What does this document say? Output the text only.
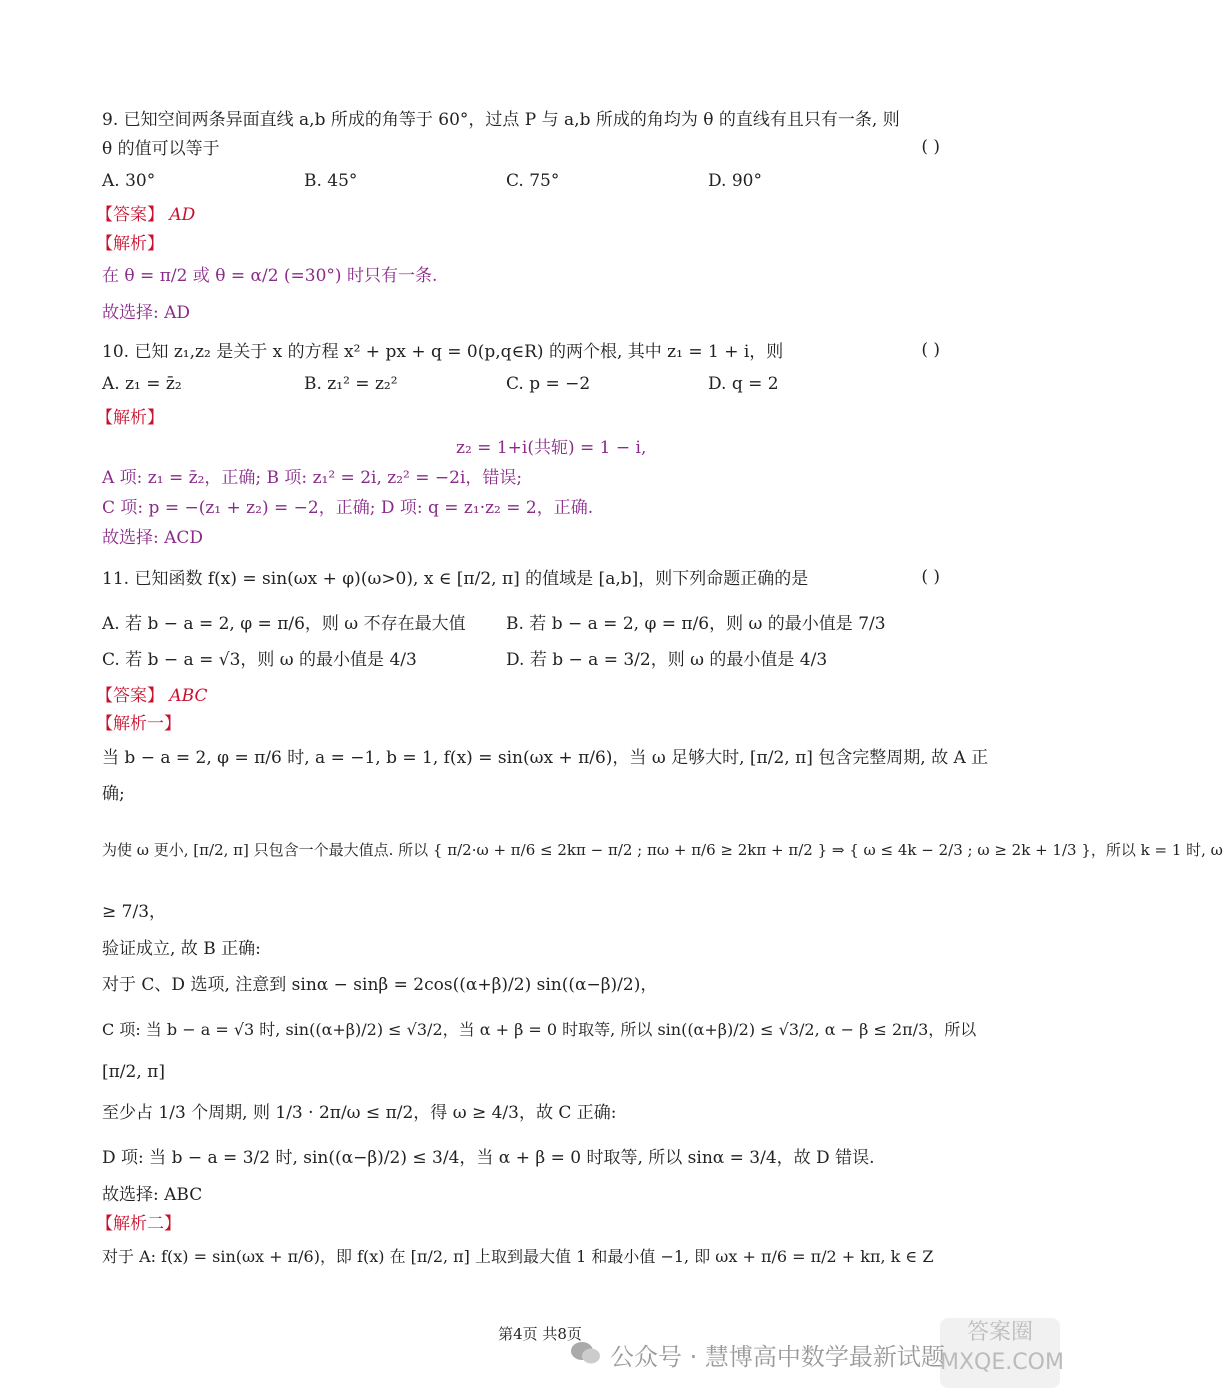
9. 已知空间两条异面直线 a,b 所成的角等于 60°，过点 P 与 a,b 所成的角均为 θ 的直线有且只有一条, 则
θ 的值可以等于	( )
A. 30°	B. 45°	C. 75°	D. 90°
【答案】 AD
【解析】
在 θ = π/2 或 θ = α/2 (=30°) 时只有一条.
故选择: AD
10. 已知 z₁,z₂ 是关于 x 的方程 x² + px + q = 0(p,q∈R) 的两个根, 其中 z₁ = 1 + i，则	( )
A. z₁ = z̄₂	B. z₁² = z₂²	C. p = −2	D. q = 2
【解析】
z₂ = 1+i(共轭) = 1 − i,
A 项: z₁ = z̄₂，正确; B 项: z₁² = 2i, z₂² = −2i，错误;
C 项: p = −(z₁ + z₂) = −2，正确; D 项: q = z₁·z₂ = 2，正确.
故选择: ACD
11. 已知函数 f(x) = sin(ωx + φ)(ω>0), x ∈ [π/2, π] 的值域是 [a,b]，则下列命题正确的是	( )
A. 若 b − a = 2, φ = π/6，则 ω 不存在最大值 B. 若 b − a = 2, φ = π/6，则 ω 的最小值是 7/3
C. 若 b − a = √3，则 ω 的最小值是 4/3	D. 若 b − a = 3/2，则 ω 的最小值是 4/3
【答案】 ABC
【解析一】
当 b − a = 2, φ = π/6 时, a = −1, b = 1, f(x) = sin(ωx + π/6)，当 ω 足够大时, [π/2, π] 包含完整周期, 故 A 正
确;
为使 ω 更小, [π/2, π] 只包含一个最大值点. 所以 { π/2·ω + π/6 ≤ 2kπ − π/2 ; πω + π/6 ≥ 2kπ + π/2 } ⇒ { ω ≤ 4k − 2/3 ; ω ≥ 2k + 1/3 }，所以 k = 1 时, ω
≥ 7/3，
验证成立, 故 B 正确:
对于 C、D 选项, 注意到 sinα − sinβ = 2cos((α+β)/2) sin((α−β)/2)，
C 项: 当 b − a = √3 时, sin((α+β)/2) ≤ √3/2，当 α + β = 0 时取等, 所以 sin((α+β)/2) ≤ √3/2, α − β ≤ 2π/3，所以
[π/2, π]
至少占 1/3 个周期, 则 1/3 · 2π/ω ≤ π/2，得 ω ≥ 4/3，故 C 正确:
D 项: 当 b − a = 3/2 时, sin((α−β)/2) ≤ 3/4，当 α + β = 0 时取等, 所以 sinα = 3/4，故 D 错误.
故选择: ABC
【解析二】
对于 A: f(x) = sin(ωx + π/6)，即 f(x) 在 [π/2, π] 上取到最大值 1 和最小值 −1, 即 ωx + π/6 = π/2 + kπ, k ∈ Z
第4页 共8页
公众号 · 慧博高中数学最新试题
答案圈 MXQE.COM
